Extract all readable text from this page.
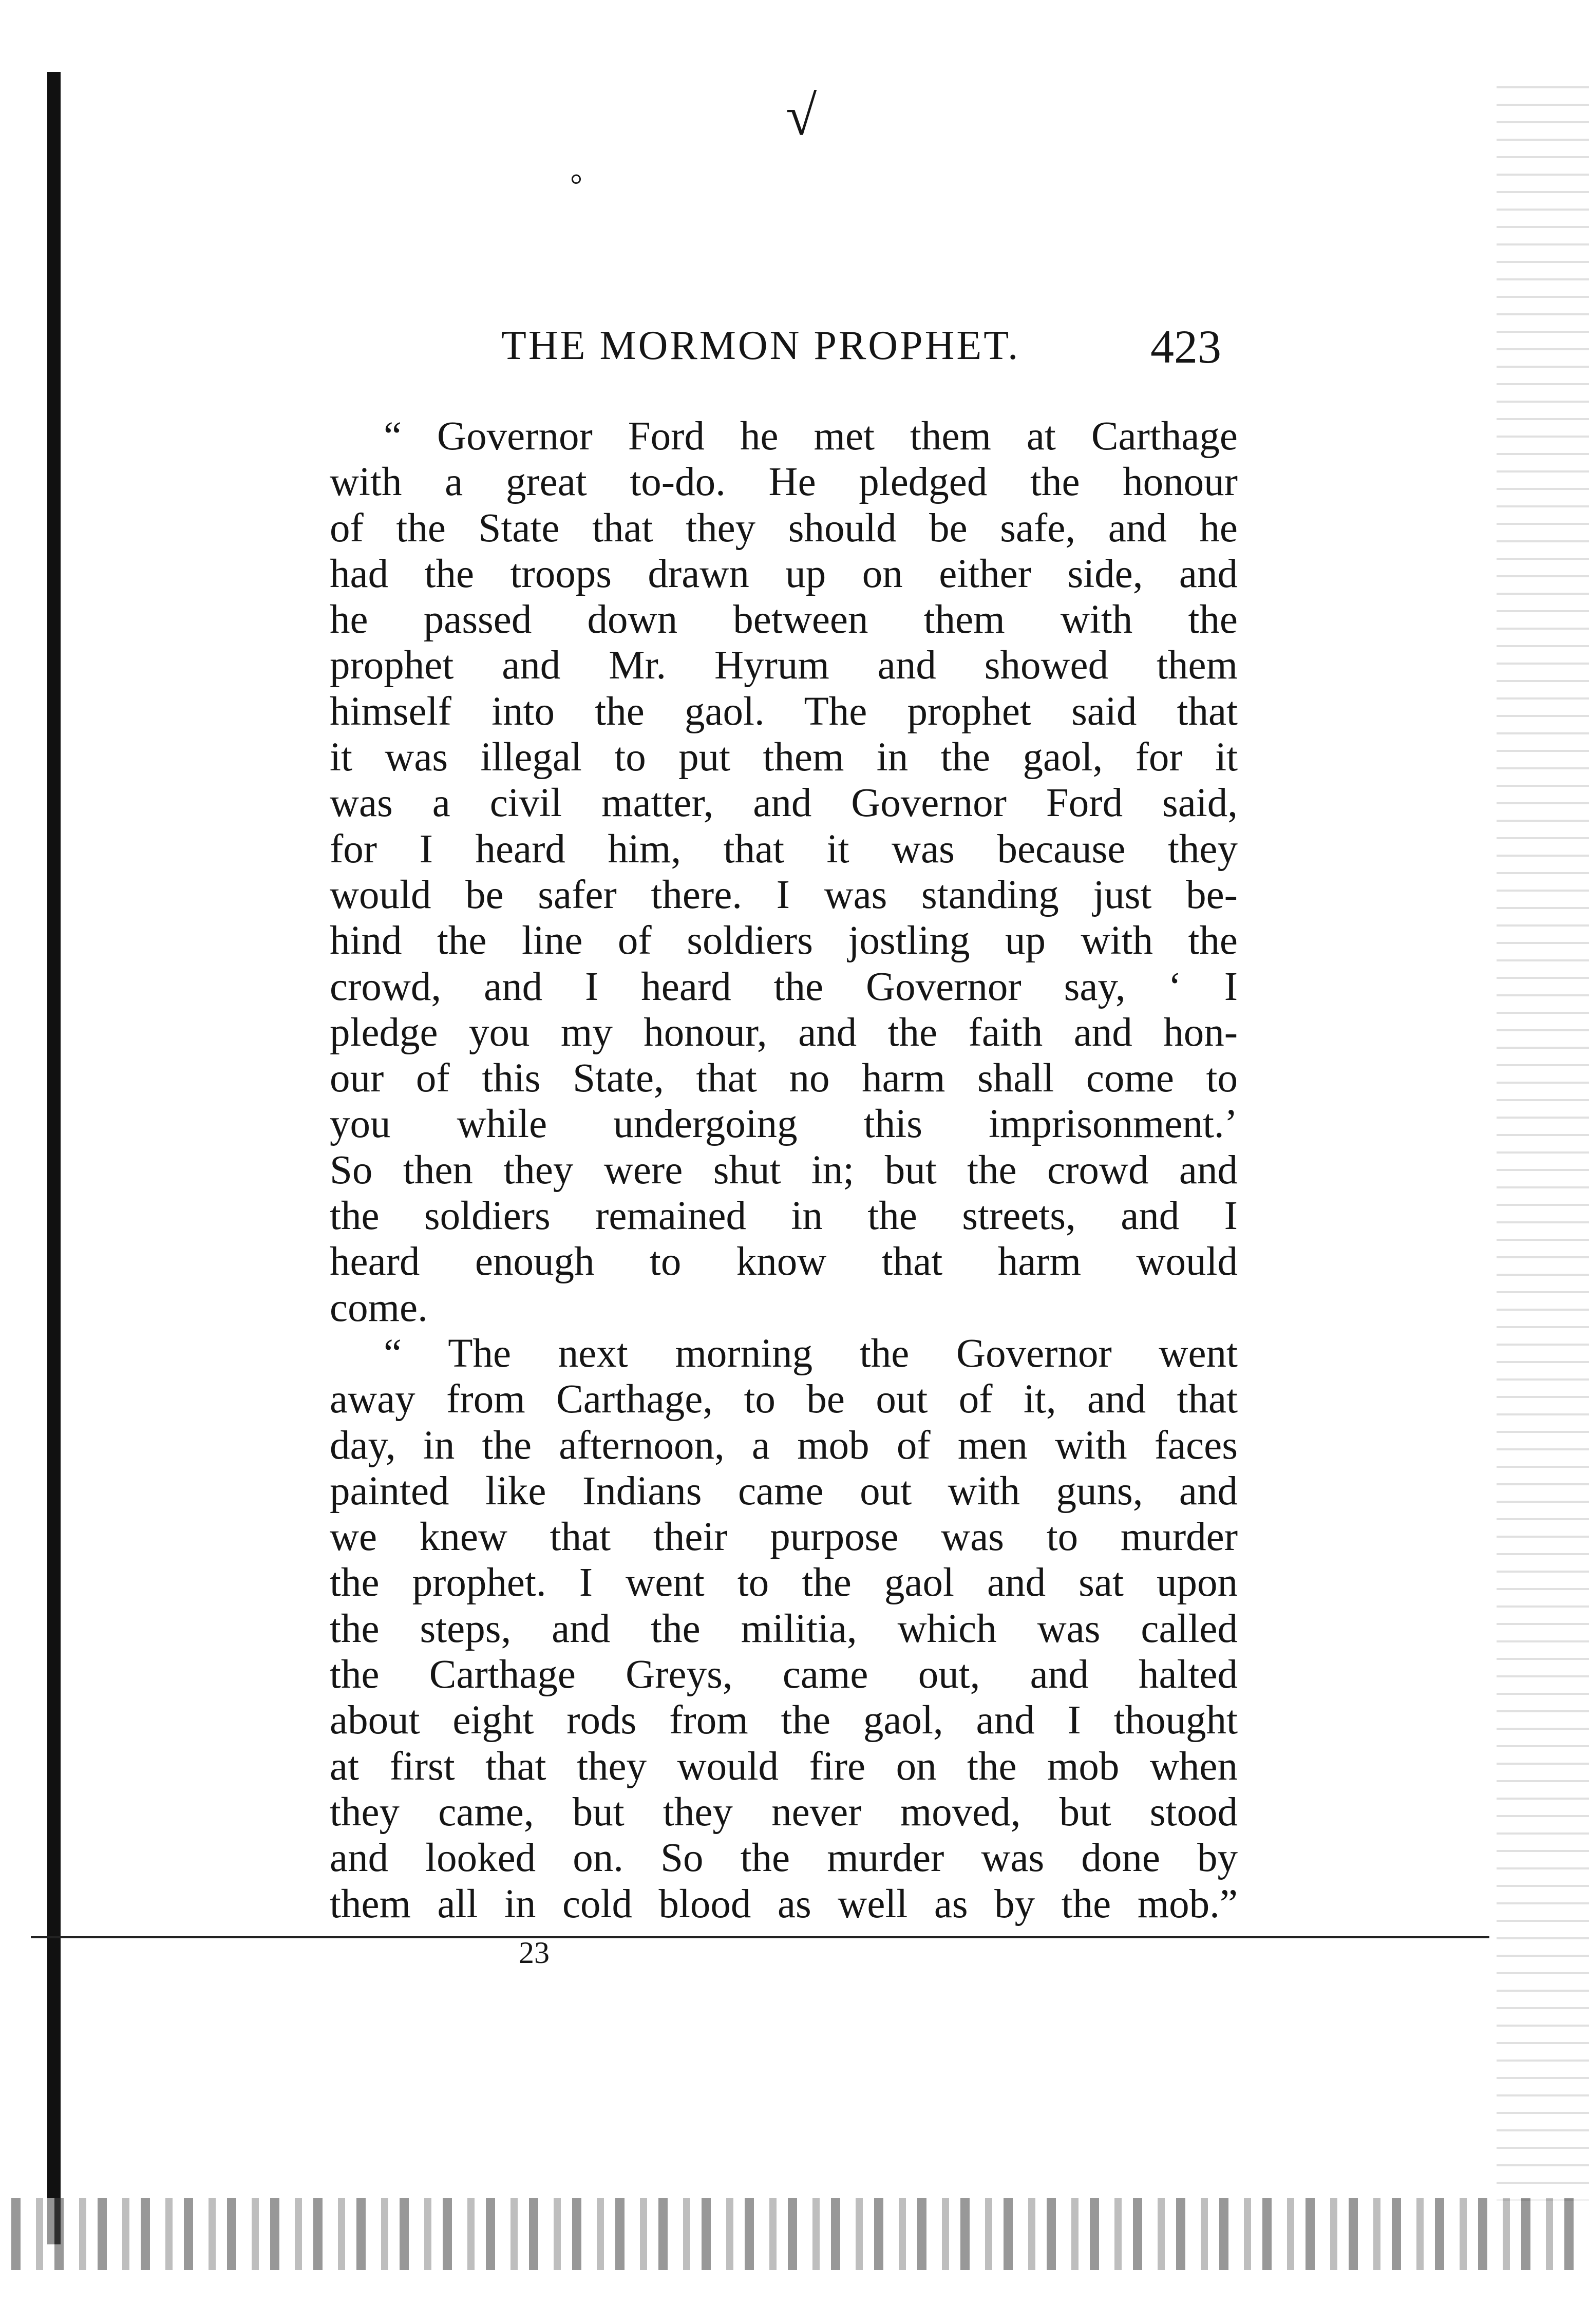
√
°
THE MORMON PROPHET.	423
“ Governor Ford he met them at Carthage
with a great to-do. He pledged the honour
of the State that they should be safe, and he
had the troops drawn up on either side, and
he passed down between them with the
prophet and Mr. Hyrum and showed them
himself into the gaol. The prophet said that
it was illegal to put them in the gaol, for it
was a civil matter, and Governor Ford said,
for I heard him, that it was because they
would be safer there. I was standing just be-
hind the line of soldiers jostling up with the
crowd, and I heard the Governor say, ‘ I
pledge you my honour, and the faith and hon-
our of this State, that no harm shall come to
you while undergoing this imprisonment.’
So then they were shut in; but the crowd and
the soldiers remained in the streets, and I
heard enough to know that harm would
come.
“ The next morning the Governor went
away from Carthage, to be out of it, and that
day, in the afternoon, a mob of men with faces
painted like Indians came out with guns, and
we knew that their purpose was to murder
the prophet. I went to the gaol and sat upon
the steps, and the militia, which was called
the Carthage Greys, came out, and halted
about eight rods from the gaol, and I thought
at first that they would fire on the mob when
they came, but they never moved, but stood
and looked on. So the murder was done by
them all in cold blood as well as by the mob.”
23
